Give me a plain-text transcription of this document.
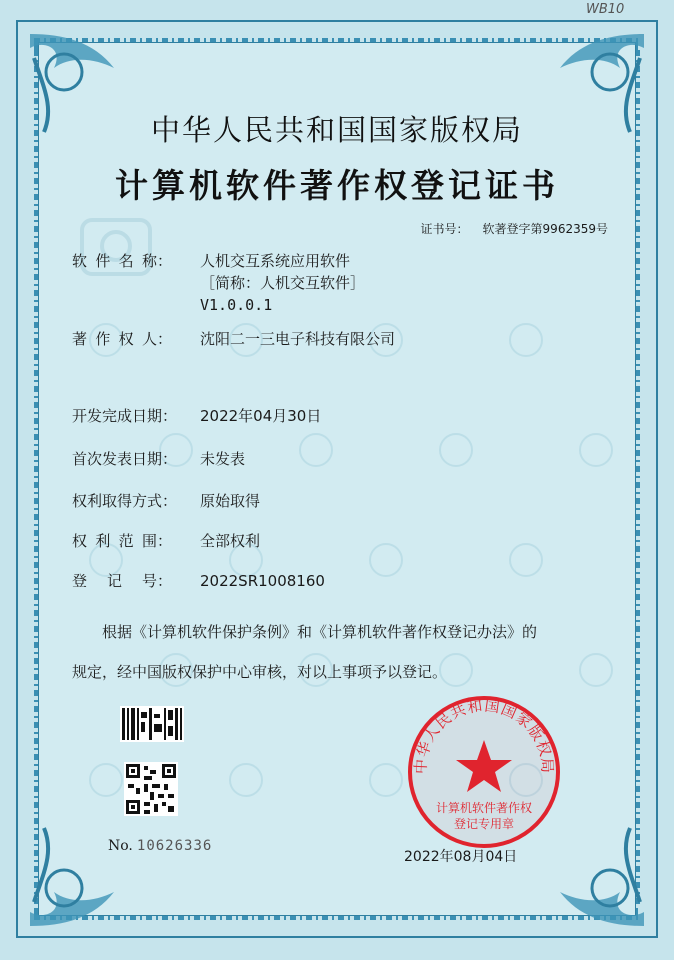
WB10
中华人民共和国国家版权局
计算机软件著作权登记证书
证书号： 软著登字第9962359号
软 件 名 称： 人机交互系统应用软件
［简称：人机交互软件］
V1.0.0.1
著 作 权 人： 沈阳二一三电子科技有限公司
开发完成日期：	2022年04月30日
首次发表日期：	未发表
权利取得方式：	原始取得
权 利 范 围： 全部权利
登 记 号： 2022SR1008160
根据《计算机软件保护条例》和《计算机软件著作权登记办法》的
规定，经中国版权保护中心审核，对以上事项予以登记。
No. 10626336
中华人民共和国国家版权局
计算机软件著作权
登记专用章
2022年08月04日
